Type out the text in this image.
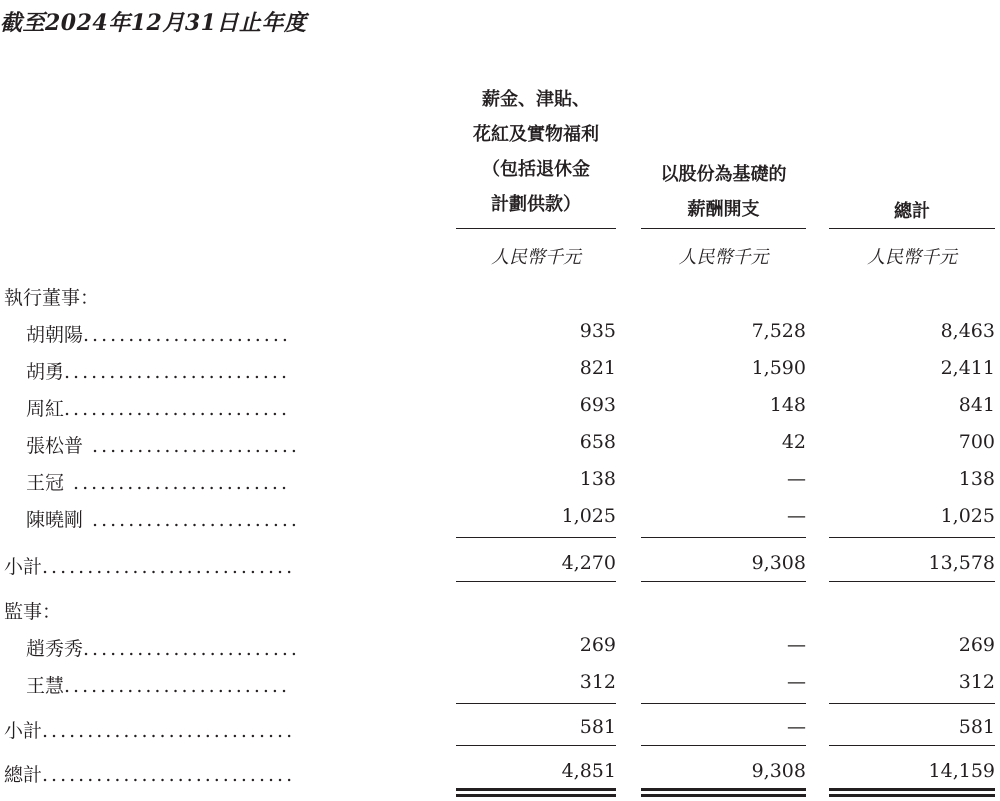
截至2024年12月31日止年度
薪金、津貼、
花紅及實物福利
（包括退休金
計劃供款）
以股份為基礎的
薪酬開支	總計
人民幣千元	人民幣千元	人民幣千元
執行董事：
胡朝陽.......................	935	7,528	8,463
胡勇.........................	821	1,590	2,411
周紅.........................	693	148	841
張松普 .......................	658	42	700
王冠 ........................	138	—	138
陳曉剛 .......................	1,025	—	1,025
小計............................	4,270	9,308	13,578
監事：
趙秀秀........................	269	—	269
王慧.........................	312	—	312
小計............................	581	—	581
總計............................	4,851	9,308	14,159
